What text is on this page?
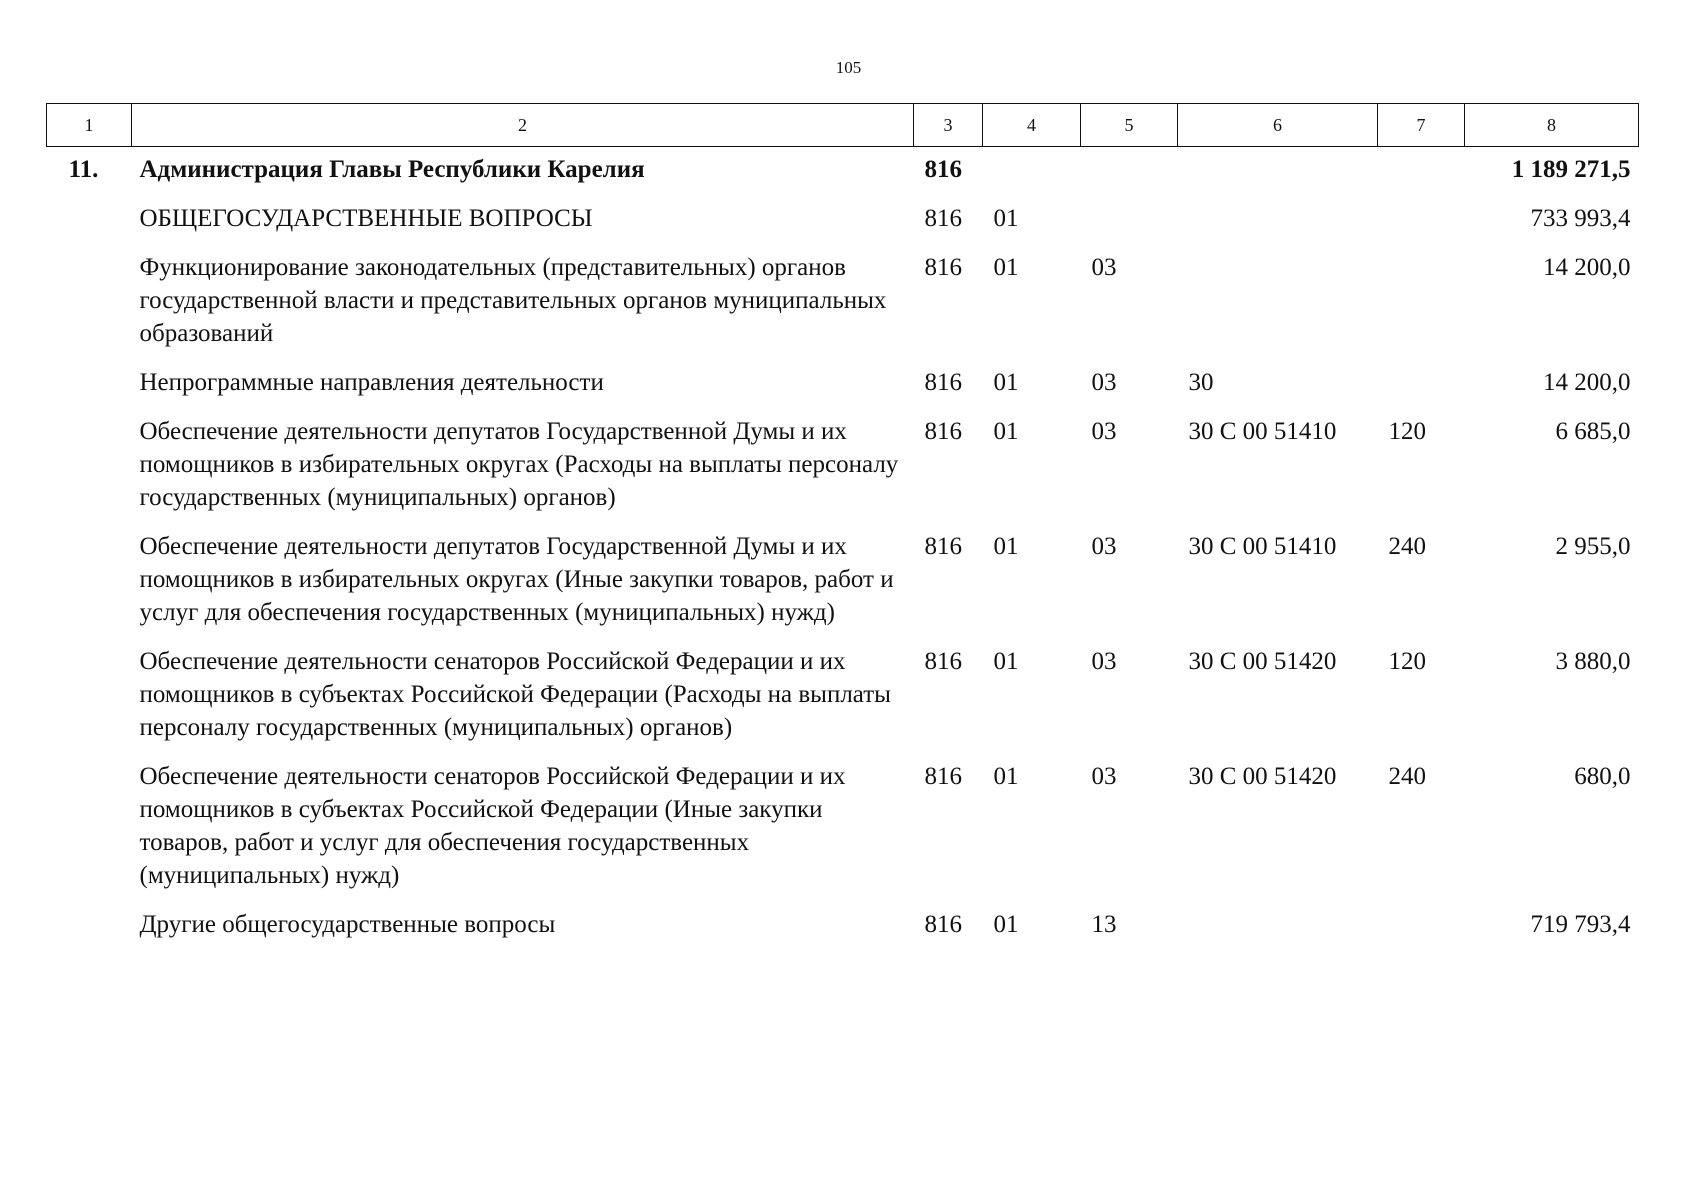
105
1	2	3	4	5	6	7	8
11.	Администрация Главы Республики Карелия	816					1 189 271,5
	ОБЩЕГОСУДАРСТВЕННЫЕ ВОПРОСЫ	816	01				733 993,4
	Функционирование законодательных (представительных) органов государственной власти и представительных органов муниципальных образований	816	01	03			14 200,0
	Непрограммные направления деятельности	816	01	03	30		14 200,0
	Обеспечение деятельности депутатов Государственной Думы и их помощников в избирательных округах (Расходы на выплаты персоналу государственных (муниципальных) органов)	816	01	03	30 С 00 51410	120	6 685,0
	Обеспечение деятельности депутатов Государственной Думы и их помощников в избирательных округах (Иные закупки товаров, работ и услуг для обеспечения государственных (муниципальных) нужд)	816	01	03	30 С 00 51410	240	2 955,0
	Обеспечение деятельности сенаторов Российской Федерации и их помощников в субъектах Российской Федерации (Расходы на выплаты персоналу государственных (муниципальных) органов)	816	01	03	30 С 00 51420	120	3 880,0
	Обеспечение деятельности сенаторов Российской Федерации и их помощников в субъектах Российской Федерации (Иные закупки товаров, работ и услуг для обеспечения государственных (муниципальных) нужд)	816	01	03	30 С 00 51420	240	680,0
	Другие общегосударственные вопросы	816	01	13			719 793,4
